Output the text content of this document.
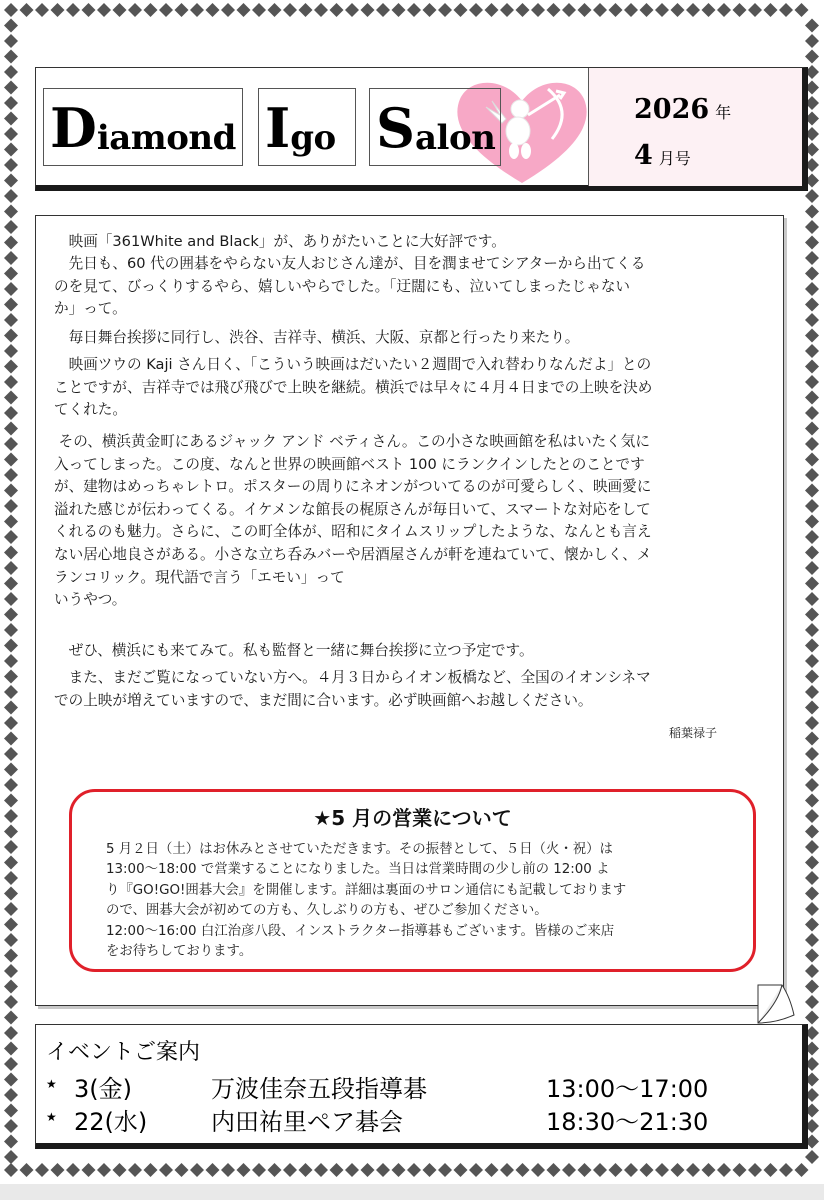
D iamond I go S alon
2026 年
4 月号

　映画「361White and Black」が、ありがたいことに大好評です。

　先日も、60 代の囲碁をやらない友人おじさん達が、目を潤ませてシアターから出てくる
のを見て、びっくりするやら、嬉しいやらでした。「迂闊にも、泣いてしまったじゃない
か」って。

　毎日舞台挨拶に同行し、渋谷、吉祥寺、横浜、大阪、京都と行ったり来たり。

　映画ツウの Kaji さん日く、「こういう映画はだいたい２週間で入れ替わりなんだよ」との
ことですが、吉祥寺では飛び飛びで上映を継続。横浜では早々に４月４日までの上映を決め
てくれた。

その、横浜黄金町にあるジャック アンド ベティさん。この小さな映画館を私はいたく気に
入ってしまった。この度、なんと世界の映画館ベスト 100 にランクインしたとのことです
が、建物はめっちゃレトロ。ポスターの周りにネオンがついてるのが可愛らしく、映画愛に
溢れた感じが伝わってくる。イケメンな館長の梶原さんが毎日いて、スマートな対応をして
くれるのも魅力。さらに、この町全体が、昭和にタイムスリップしたような、なんとも言え
ない居心地良さがある。小さな立ち呑みバーや居酒屋さんが軒を連ねていて、懐かしく、メ
ランコリック。現代語で言う「エモい」って
いうやつ。

　ぜひ、横浜にも来てみて。私も監督と一緒に舞台挨拶に立つ予定です。

　また、まだご覧になっていない方へ。４月３日からイオン板橋など、全国のイオンシネマ
での上映が増えていますので、まだ間に合います。必ず映画館へお越しください。

稲葉禄子
★5 月の営業について

5 月２日（土）はお休みとさせていただきます。その振替として、５日（火・祝）は
13:00～18:00 で営業することになりました。当日は営業時間の少し前の 12:00 よ
り『GO!GO!囲碁大会』を開催します。詳細は裏面のサロン通信にも記載しております
ので、囲碁大会が初めての方も、久しぶりの方も、ぜひご参加ください。
12:00～16:00 白江治彦八段、インストラクター指導碁もございます。皆様のご来店
をお待ちしております。

イベントご案内
★ 3(金)	万波佳奈五段指導碁	13:00～17:00
★ 22(水)	内田祐里ペア碁会	18:30～21:30
